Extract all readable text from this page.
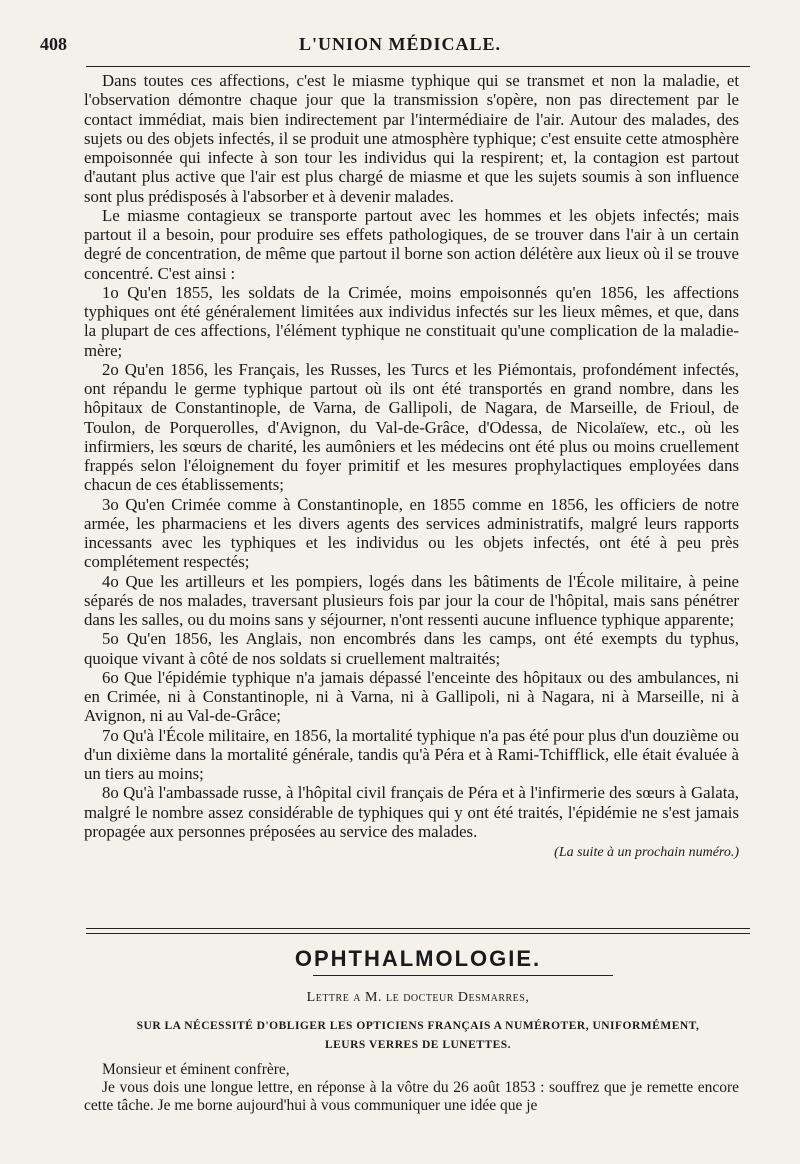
408	L'UNION MÉDICALE.

Dans toutes ces affections, c'est le miasme typhique qui se transmet et non la maladie, et l'observation démontre chaque jour que la transmission s'opère, non pas directement par le contact immédiat, mais bien indirectement par l'intermédiaire de l'air. Autour des malades, des sujets ou des objets infectés, il se produit une atmosphère typhique; c'est ensuite cette atmosphère empoisonnée qui infecte à son tour les individus qui la respirent; et, la contagion est partout d'autant plus active que l'air est plus chargé de miasme et que les sujets soumis à son influence sont plus prédisposés à l'absorber et à devenir malades.

Le miasme contagieux se transporte partout avec les hommes et les objets infectés; mais partout il a besoin, pour produire ses effets pathologiques, de se trouver dans l'air à un certain degré de concentration, de même que partout il borne son action délétère aux lieux où il se trouve concentré. C'est ainsi :

1o Qu'en 1855, les soldats de la Crimée, moins empoisonnés qu'en 1856, les affections typhiques ont été généralement limitées aux individus infectés sur les lieux mêmes, et que, dans la plupart de ces affections, l'élément typhique ne constituait qu'une complication de la maladie-mère;

2o Qu'en 1856, les Français, les Russes, les Turcs et les Piémontais, profondément infectés, ont répandu le germe typhique partout où ils ont été transportés en grand nombre, dans les hôpitaux de Constantinople, de Varna, de Gallipoli, de Nagara, de Marseille, de Frioul, de Toulon, de Porquerolles, d'Avignon, du Val-de-Grâce, d'Odessa, de Nicolaïew, etc., où les infirmiers, les sœurs de charité, les aumôniers et les médecins ont été plus ou moins cruellement frappés selon l'éloignement du foyer primitif et les mesures prophylactiques employées dans chacun de ces établissements;

3o Qu'en Crimée comme à Constantinople, en 1855 comme en 1856, les officiers de notre armée, les pharmaciens et les divers agents des services administratifs, malgré leurs rapports incessants avec les typhiques et les individus ou les objets infectés, ont été à peu près complétement respectés;

4o Que les artilleurs et les pompiers, logés dans les bâtiments de l'École militaire, à peine séparés de nos malades, traversant plusieurs fois par jour la cour de l'hôpital, mais sans pénétrer dans les salles, ou du moins sans y séjourner, n'ont ressenti aucune influence typhique apparente;

5o Qu'en 1856, les Anglais, non encombrés dans les camps, ont été exempts du typhus, quoique vivant à côté de nos soldats si cruellement maltraités;

6o Que l'épidémie typhique n'a jamais dépassé l'enceinte des hôpitaux ou des ambulances, ni en Crimée, ni à Constantinople, ni à Varna, ni à Gallipoli, ni à Nagara, ni à Marseille, ni à Avignon, ni au Val-de-Grâce;

7o Qu'à l'École militaire, en 1856, la mortalité typhique n'a pas été pour plus d'un douzième ou d'un dixième dans la mortalité générale, tandis qu'à Péra et à Rami-Tchifflick, elle était évaluée à un tiers au moins;

8o Qu'à l'ambassade russe, à l'hôpital civil français de Péra et à l'infirmerie des sœurs à Galata, malgré le nombre assez considérable de typhiques qui y ont été traités, l'épidémie ne s'est jamais propagée aux personnes préposées au service des malades.

(La suite à un prochain numéro.)

OPHTHALMOLOGIE.
Lettre a M. le docteur Desmarres,
SUR LA NÉCESSITÉ D'OBLIGER LES OPTICIENS FRANÇAIS A NUMÉROTER, UNIFORMÉMENT,
LEURS VERRES DE LUNETTES.

Monsieur et éminent confrère,

Je vous dois une longue lettre, en réponse à la vôtre du 26 août 1853 : souffrez que je remette encore cette tâche. Je me borne aujourd'hui à vous communiquer une idée que je
